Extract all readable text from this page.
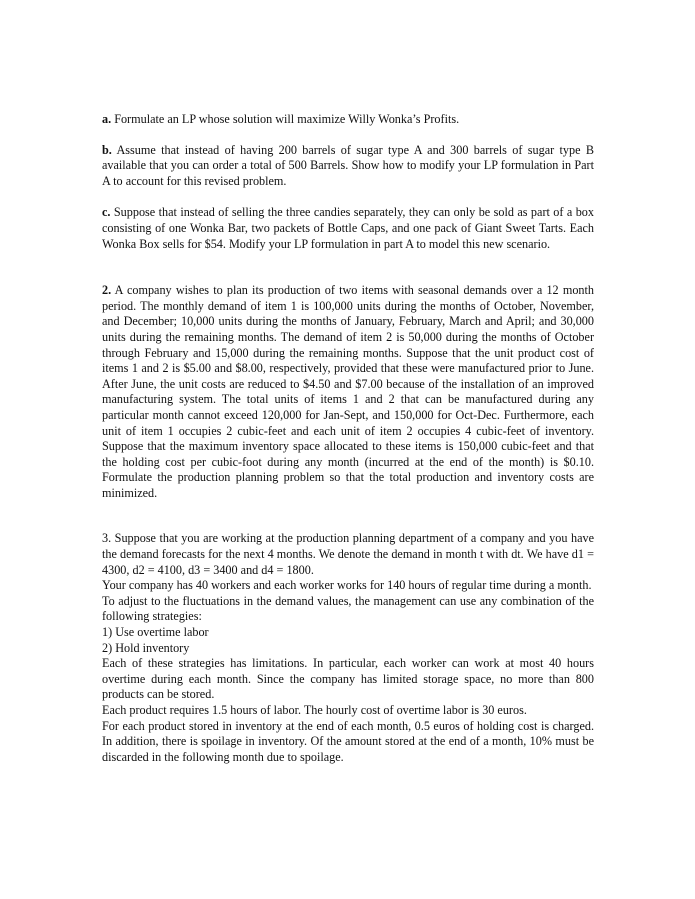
a. Formulate an LP whose solution will maximize Willy Wonka’s Profits.

b. Assume that instead of having 200 barrels of sugar type A and 300 barrels of sugar type B available that you can order a total of 500 Barrels. Show how to modify your LP formulation in Part A to account for this revised problem.

c. Suppose that instead of selling the three candies separately, they can only be sold as part of a box consisting of one Wonka Bar, two packets of Bottle Caps, and one pack of Giant Sweet Tarts. Each Wonka Box sells for $54. Modify your LP formulation in part A to model this new scenario.

2. A company wishes to plan its production of two items with seasonal demands over a 12 month period. The monthly demand of item 1 is 100,000 units during the months of October, November, and December; 10,000 units during the months of January, February, March and April; and 30,000 units during the remaining months. The demand of item 2 is 50,000 during the months of October through February and 15,000 during the remaining months. Suppose that the unit product cost of items 1 and 2 is $5.00 and $8.00, respectively, provided that these were manufactured prior to June. After June, the unit costs are reduced to $4.50 and $7.00 because of the installation of an improved manufacturing system. The total units of items 1 and 2 that can be manufactured during any particular month cannot exceed 120,000 for Jan-Sept, and 150,000 for Oct-Dec. Furthermore, each unit of item 1 occupies 2 cubic-feet and each unit of item 2 occupies 4 cubic-feet of inventory. Suppose that the maximum inventory space allocated to these items is 150,000 cubic-feet and that the holding cost per cubic-foot during any month (incurred at the end of the month) is $0.10. Formulate the production planning problem so that the total production and inventory costs are minimized.

3. Suppose that you are working at the production planning department of a company and you have the demand forecasts for the next 4 months. We denote the demand in month t with dt. We have d1 = 4300, d2 = 4100, d3 = 3400 and d4 = 1800.

Your company has 40 workers and each worker works for 140 hours of regular time during a month.

To adjust to the fluctuations in the demand values, the management can use any combination of the following strategies:

1) Use overtime labor

2) Hold inventory

Each of these strategies has limitations. In particular, each worker can work at most 40 hours overtime during each month. Since the company has limited storage space, no more than 800 products can be stored.

Each product requires 1.5 hours of labor. The hourly cost of overtime labor is 30 euros.

For each product stored in inventory at the end of each month, 0.5 euros of holding cost is charged. In addition, there is spoilage in inventory. Of the amount stored at the end of a month, 10% must be discarded in the following month due to spoilage.
